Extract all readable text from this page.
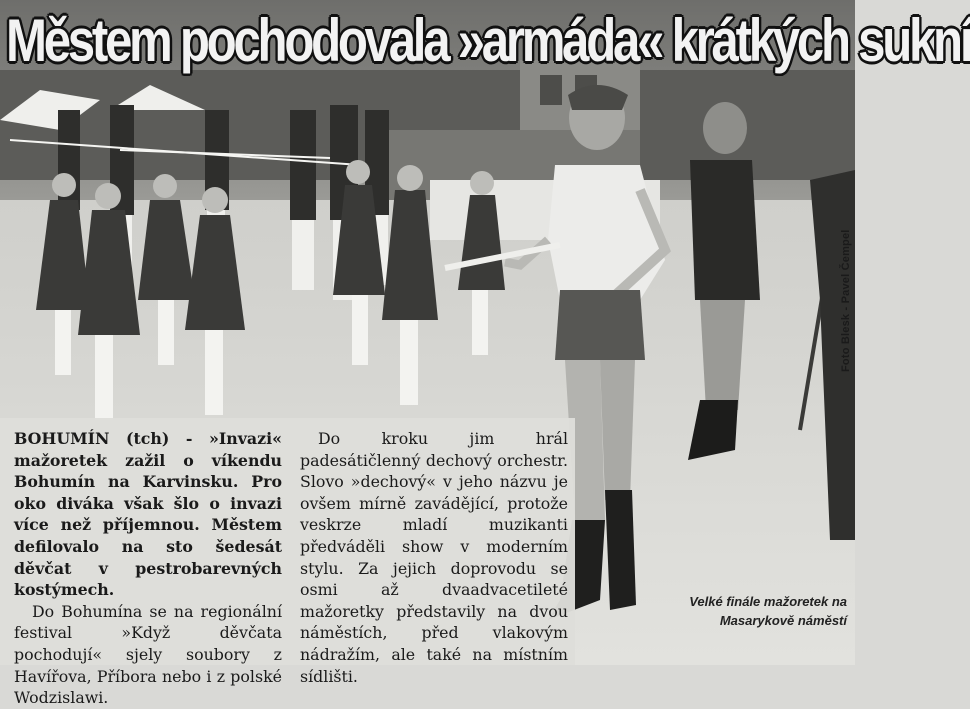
Městem pochodovala »armáda« krátkých sukní

BOHUMÍN (tch) - »Invazi« mažoretek zažil o víkendu Bohumín na Karvinsku. Pro oko diváka však šlo o invazi více než příjemnou. Městem defilovalo na sto šedesát děvčat v pestrobarevných kostýmech.

Do Bohumína se na regionální festival »Když děvčata pochodují« sjely soubory z Havířova, Příbora nebo i z polské Wodzislawi.

Do kroku jim hrál padesátičlenný dechový orchestr. Slovo »dechový« v jeho názvu je ovšem mírně zavádějící, protože veskrze mladí muzikanti předváděli show v moderním stylu. Za jejich doprovodu se osmi až dvaadvacetileté mažoretky představily na dvou náměstích, před vlakovým nádražím, ale také na místním sídlišti.

Foto Blesk - Pavel Čempel
Velké finále mažoretek na Masarykově náměstí
